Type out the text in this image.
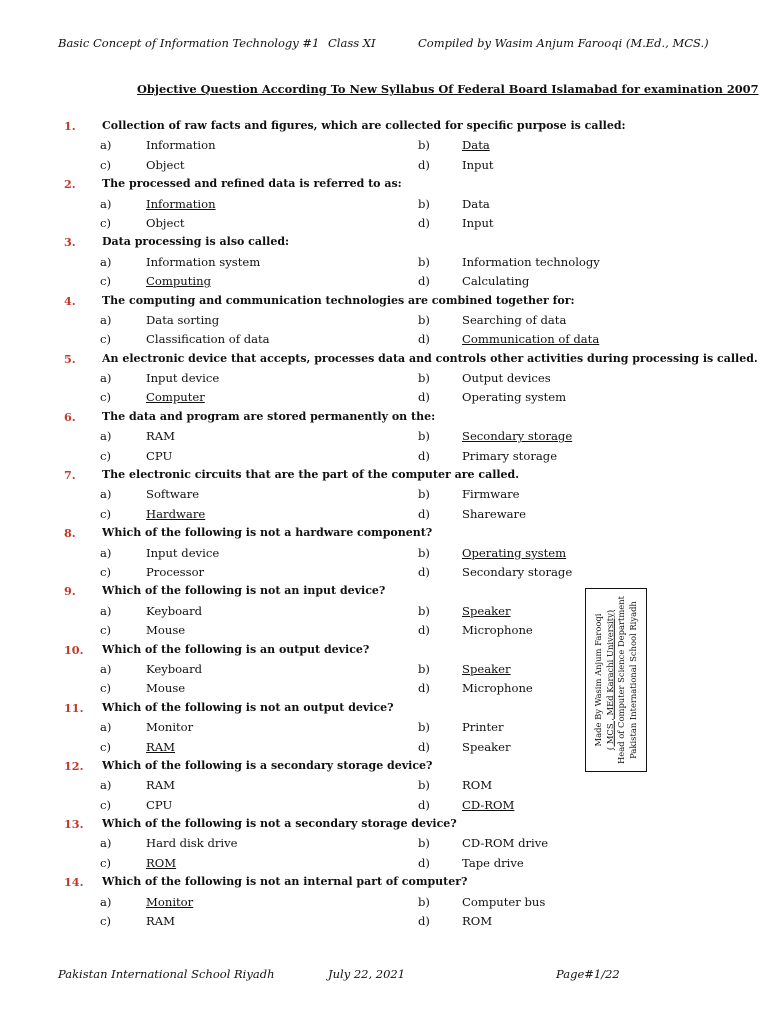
Basic Concept of Information Technology #1 Class XI	Compiled by Wasim Anjum Farooqi (M.Ed., MCS.)
Objective Question According To New Syllabus Of Federal Board Islamabad for examination 2007
1. Collection of raw facts and figures, which are collected for specific purpose is called:
a)	Information	b)	Data
c)	Object	d)	Input
2. The processed and refined data is referred to as:
a)	Information	b)	Data
c)	Object	d)	Input
3. Data processing is also called:
a)	Information system	b)	Information technology
c)	Computing	d)	Calculating
4. The computing and communication technologies are combined together for:
a)	Data sorting	b)	Searching of data
c)	Classification of data	d)	Communication of data
5. An electronic device that accepts, processes data and controls other activities during processing is called.
a)	Input device	b)	Output devices
c)	Computer	d)	Operating system
6. The data and program are stored permanently on the:
a)	RAM	b)	Secondary storage
c)	CPU	d)	Primary storage
7. The electronic circuits that are the part of the computer are called.
a)	Software	b)	Firmware
c)	Hardware	d)	Shareware
8. Which of the following is not a hardware component?
a)	Input device	b)	Operating system
c)	Processor	d)	Secondary storage
9. Which of the following is not an input device?
a)	Keyboard	b)	Speaker
c)	Mouse	d)	Microphone
10. Which of the following is an output device?
a)	Keyboard	b)	Speaker
c)	Mouse	d)	Microphone
11. Which of the following is not an output device?
a)	Monitor	b)	Printer
c)	RAM	d)	Speaker
12. Which of the following is a secondary storage device?
a)	RAM	b)	ROM
c)	CPU	d)	CD-ROM
13. Which of the following is not a secondary storage device?
a)	Hard disk drive	b)	CD-ROM drive
c)	ROM	d)	Tape drive
14. Which of the following is not an internal part of computer?
a)	Monitor	b)	Computer bus
c)	RAM	d)	ROM
Made By Wasim Anjum Farooqi ( MCS , MEd Karachi University) Head of Computer Science Department Pakistan International School Riyadh
Pakistan International School Riyadh	July 22, 2021	Page#1/22
